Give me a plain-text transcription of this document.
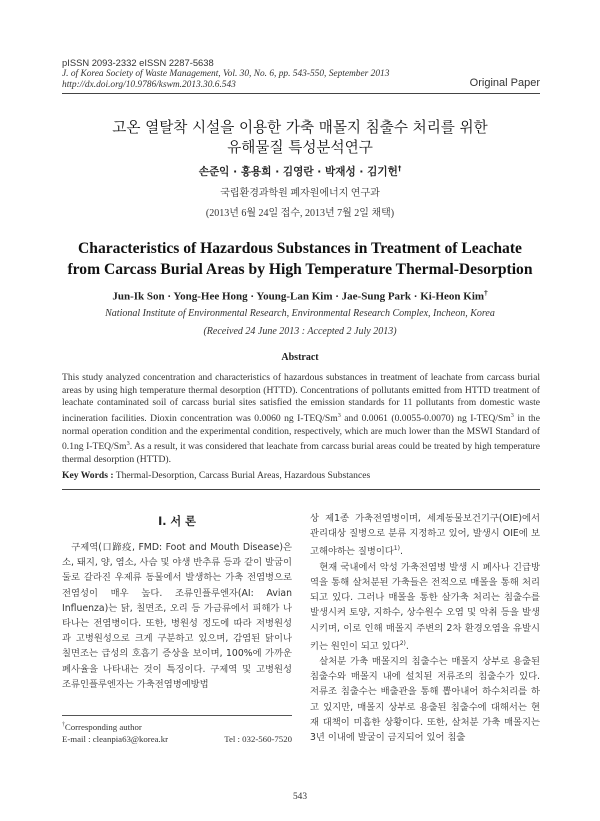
pISSN 2093-2332 eISSN 2287-5638
J. of Korea Society of Waste Management, Vol. 30, No. 6, pp. 543-550, September 2013
http://dx.doi.org/10.9786/kswm.2013.30.6.543	Original Paper
고온 열탈착 시설을 이용한 가축 매몰지 침출수 처리를 위한
유해물질 특성분석연구
손준익 · 홍용희 · 김영란 · 박재성 · 김기헌†
국립환경과학원 폐자원에너지 연구과
(2013년 6월 24일 접수, 2013년 7월 2일 채택)
Characteristics of Hazardous Substances in Treatment of Leachate
from Carcass Burial Areas by High Temperature Thermal-Desorption
Jun-Ik Son · Yong-Hee Hong · Young-Lan Kim · Jae-Sung Park · Ki-Heon Kim†
National Institute of Environmental Research, Environmental Research Complex, Incheon, Korea
(Received 24 June 2013 : Accepted 2 July 2013)
Abstract
This study analyzed concentration and characteristics of hazardous substances in treatment of leachate from carcass burial areas by using high temperature thermal desorption (HTTD). Concentrations of pollutants emitted from HTTD treatment of leachate contaminated soil of carcass burial sites satisfied the emission standards for 11 pollutants from domestic waste incineration facilities. Dioxin concentration was 0.0060 ng I-TEQ/Sm$^3$ and 0.0061 (0.0055-0.0070) ng I-TEQ/Sm$^3$ in the normal operation condition and the experimental condition, respectively, which are much lower than the MSWI Standard of 0.1ng I-TEQ/Sm$^3$. As a result, it was considered that leachate from carcass burial areas could be treated by high temperature thermal desorption (HTTD).
Key Words : Thermal-Desorption, Carcass Burial Areas, Hazardous Substances
Ⅰ. 서 론

구제역(口蹄疫, FMD: Foot and Mouth Disease)은 소, 돼지, 양, 염소, 사슴 및 야생 반추류 등과 같이 발굽이 둘로 갈라진 우제류 동물에서 발생하는 가축 전염병으로 전염성이 매우 높다. 조류인플루엔자(AI: Avian Influenza)는 닭, 칠면조, 오리 등 가금류에서 피해가 나타나는 전염병이다. 또한, 병원성 정도에 따라 저병원성과 고병원성으로 크게 구분하고 있으며, 감염된 닭이나 칠면조는 급성의 호흡기 증상을 보이며, 100%에 가까운 폐사율을 나타내는 것이 특징이다. 구제역 및 고병원성 조류인플루엔자는 가축전염병예방법

상 제1종 가축전염병이며, 세계동물보건기구(OIE)에서 관리대상 질병으로 분류 지정하고 있어, 발생시 OIE에 보고해야하는 질병이다$^{1)}$.

현재 국내에서 악성 가축전염병 발생 시 폐사나 긴급방역을 통해 살처분된 가축들은 전적으로 매몰을 통해 처리되고 있다. 그러나 매몰을 통한 살가축 처리는 침출수를 발생시켜 토양, 지하수, 상수원수 오염 및 악취 등을 발생시키며, 이로 인해 매몰지 주변의 2차 환경오염을 유발시키는 원인이 되고 있다$^{2)}$.

살처분 가축 매몰지의 침출수는 매몰지 상부로 용출된 침출수와 매몰지 내에 설치된 저류조의 침출수가 있다. 저류조 침출수는 배출관을 통해 뽑아내어 하수처리를 하고 있지만, 매몰지 상부로 용출된 침출수에 대해서는 현재 대책이 미흡한 상황이다. 또한, 살처분 가축 매몰지는 3년 이내에 발굴이 금지되어 있어 침출

†Corresponding author
E-mail : cleanpia63@korea.kr	Tel : 032-560-7520
543
